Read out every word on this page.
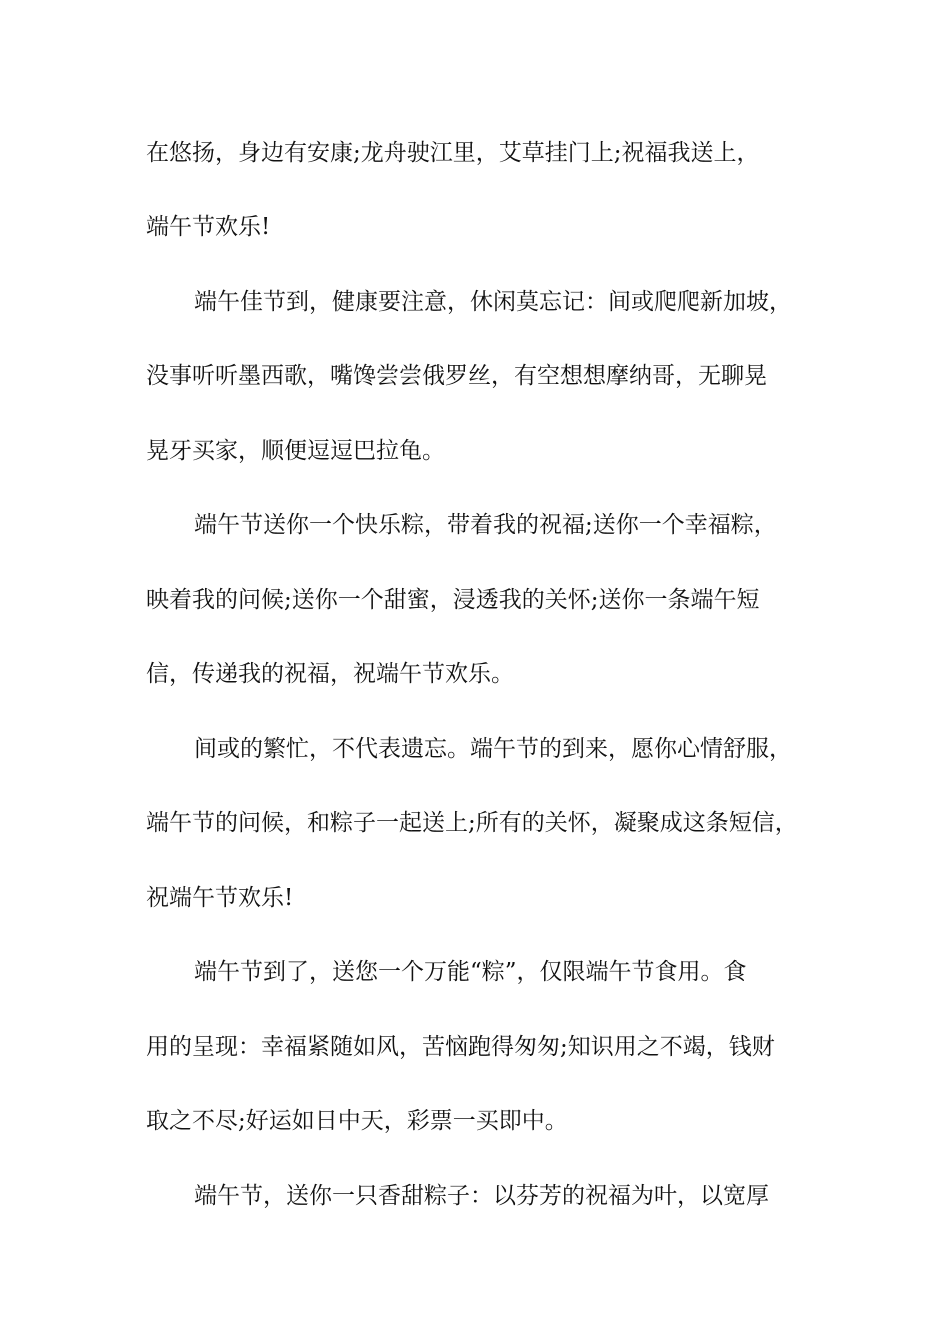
在悠扬，身边有安康;龙舟驶江里，艾草挂门上;祝福我送上，
端午节欢乐!
端午佳节到，健康要注意，休闲莫忘记：间或爬爬新加坡，
没事听听墨西歌，嘴馋尝尝俄罗丝，有空想想摩纳哥，无聊晃
晃牙买家，顺便逗逗巴拉龟。
端午节送你一个快乐粽，带着我的祝福;送你一个幸福粽，
映着我的问候;送你一个甜蜜，浸透我的关怀;送你一条端午短
信，传递我的祝福，祝端午节欢乐。
间或的繁忙，不代表遗忘。端午节的到来，愿你心情舒服，
端午节的问候，和粽子一起送上;所有的关怀，凝聚成这条短信，
祝端午节欢乐!
端午节到了，送您一个万能“粽”，仅限端午节食用。食
用的呈现：幸福紧随如风，苦恼跑得匆匆;知识用之不竭，钱财
取之不尽;好运如日中天，彩票一买即中。
端午节，送你一只香甜粽子：以芬芳的祝福为叶，以宽厚
